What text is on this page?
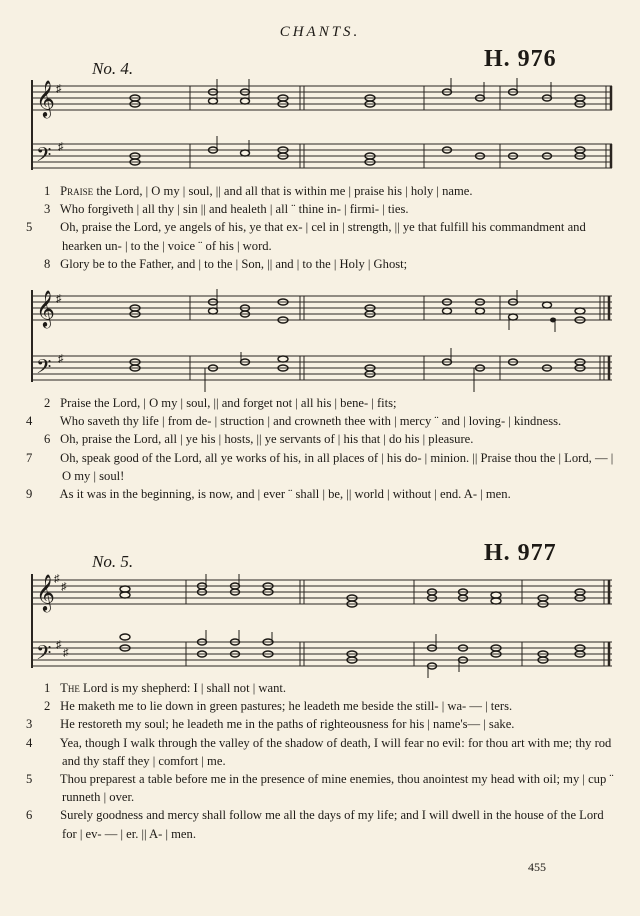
CHANTS.
No. 4.	H. 976
𝄞
𝄢
♯
♯
1 Praise the Lord, | O my | soul, || and all that is within me | praise his | holy | name.
3 Who forgiveth | all thy | sin || and healeth | all ¨ thine in- | firmi- | ties.
5 Oh, praise the Lord, ye angels of his, ye that ex- | cel in | strength, || ye that fulfill his commandment and hearken un- | to the | voice ¨ of his | word.
8 Glory be to the Father, and | to the | Son, || and | to the | Holy | Ghost;
𝄞
𝄢
♯
♯
2 Praise the Lord, | O my | soul, || and forget not | all his | bene- | fits;
4 Who saveth thy life | from de- | struction | and crowneth thee with | mercy ¨ and | loving- | kindness.
6 Oh, praise the Lord, all | ye his | hosts, || ye servants of | his that | do his | pleasure.
7 Oh, speak good of the Lord, all ye works of his, in all places of | his do- | minion. || Praise thou the | Lord, — | O my | soul!
9 As it was in the beginning, is now, and | ever ¨ shall | be, || world | without | end. A- | men.
No. 5.	H. 977
𝄞
𝄢
♯
♯
♯
♯
1 The Lord is my shepherd: I | shall not | want.
2 He maketh me to lie down in green pastures; he leadeth me beside the still- | wa- — | ters.
3 He restoreth my soul; he leadeth me in the paths of righteousness for his | name's— | sake.
4 Yea, though I walk through the valley of the shadow of death, I will fear no evil: for thou art with me; thy rod and thy staff they | comfort | me.
5 Thou preparest a table before me in the presence of mine enemies, thou anointest my head with oil; my | cup ¨ runneth | over.
6 Surely goodness and mercy shall follow me all the days of my life; and I will dwell in the house of the Lord for | ev- — | er. || A- | men.
455
